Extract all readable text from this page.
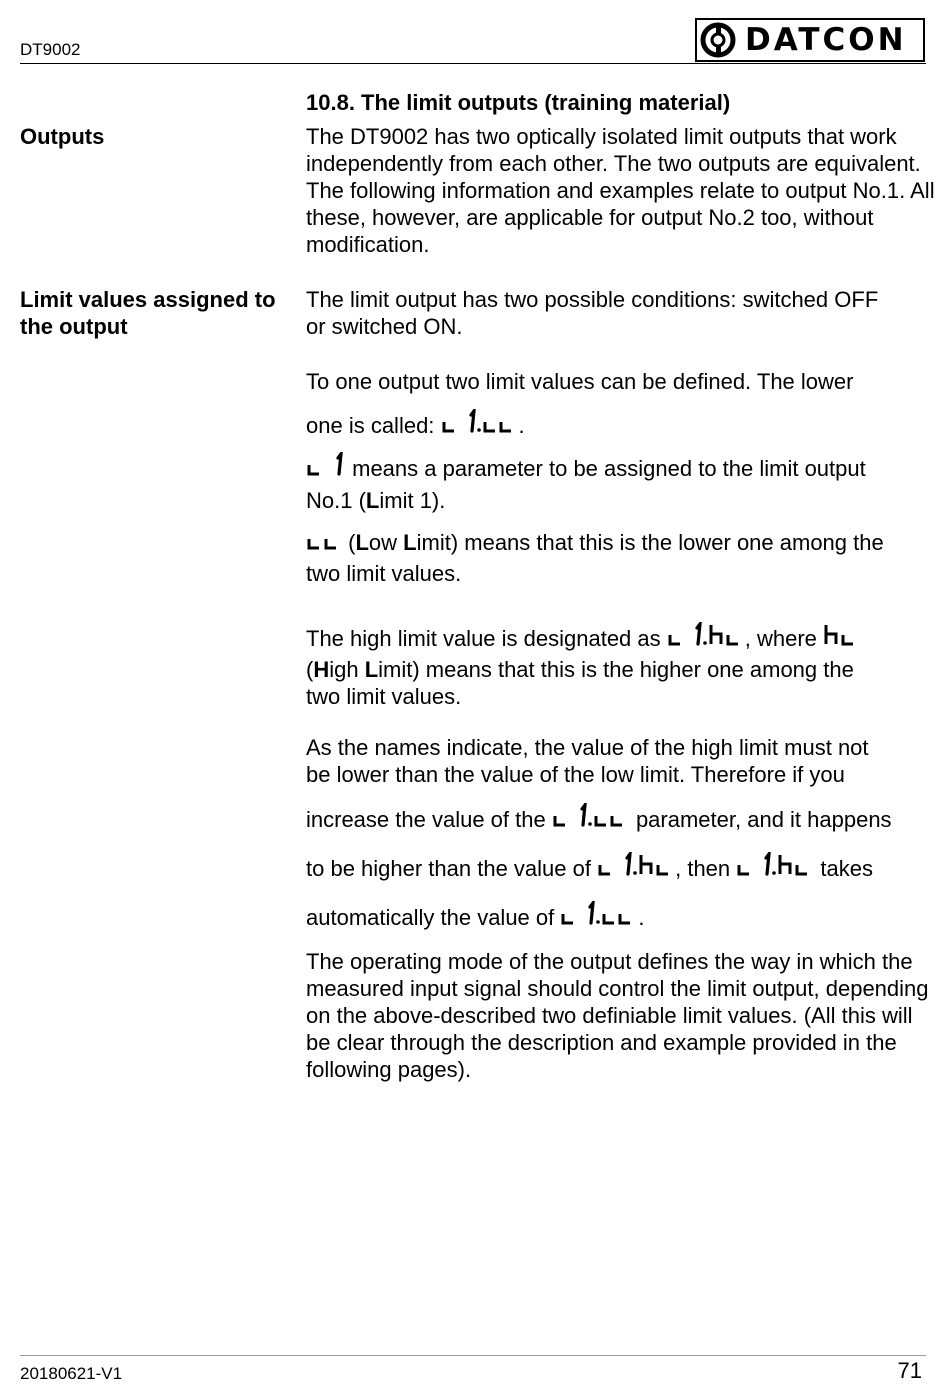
DT9002	DATCON
Outputs
Limit values assigned to
the output
10.8. The limit outputs (training material)
The DT9002 has two optically isolated limit outputs that work independently from each other. The two outputs are equivalent. The following information and examples relate to output No.1. All these, however, are applicable for output No.2 too, without modification.
The limit output has two possible conditions: switched OFF
or switched ON.
To one output two limit values can be defined. The lower
one is called:	.
means a parameter to be assigned to the limit output
No.1 (Limit 1).
(Low Limit) means that this is the lower one among the
two limit values.
The high limit value is designated as	, where
(High Limit) means that this is the higher one among the
two limit values.
As the names indicate, the value of the high limit must not
be lower than the value of the low limit. Therefore if you
increase the value of the	parameter, and it happens
to be higher than the value of	, then	takes
automatically the value of	.
The operating mode of the output defines the way in which the measured input signal should control the limit output, depending on the above-described two definiable limit values. (All this will be clear through the description and example provided in the following pages).
20180621-V1	71
